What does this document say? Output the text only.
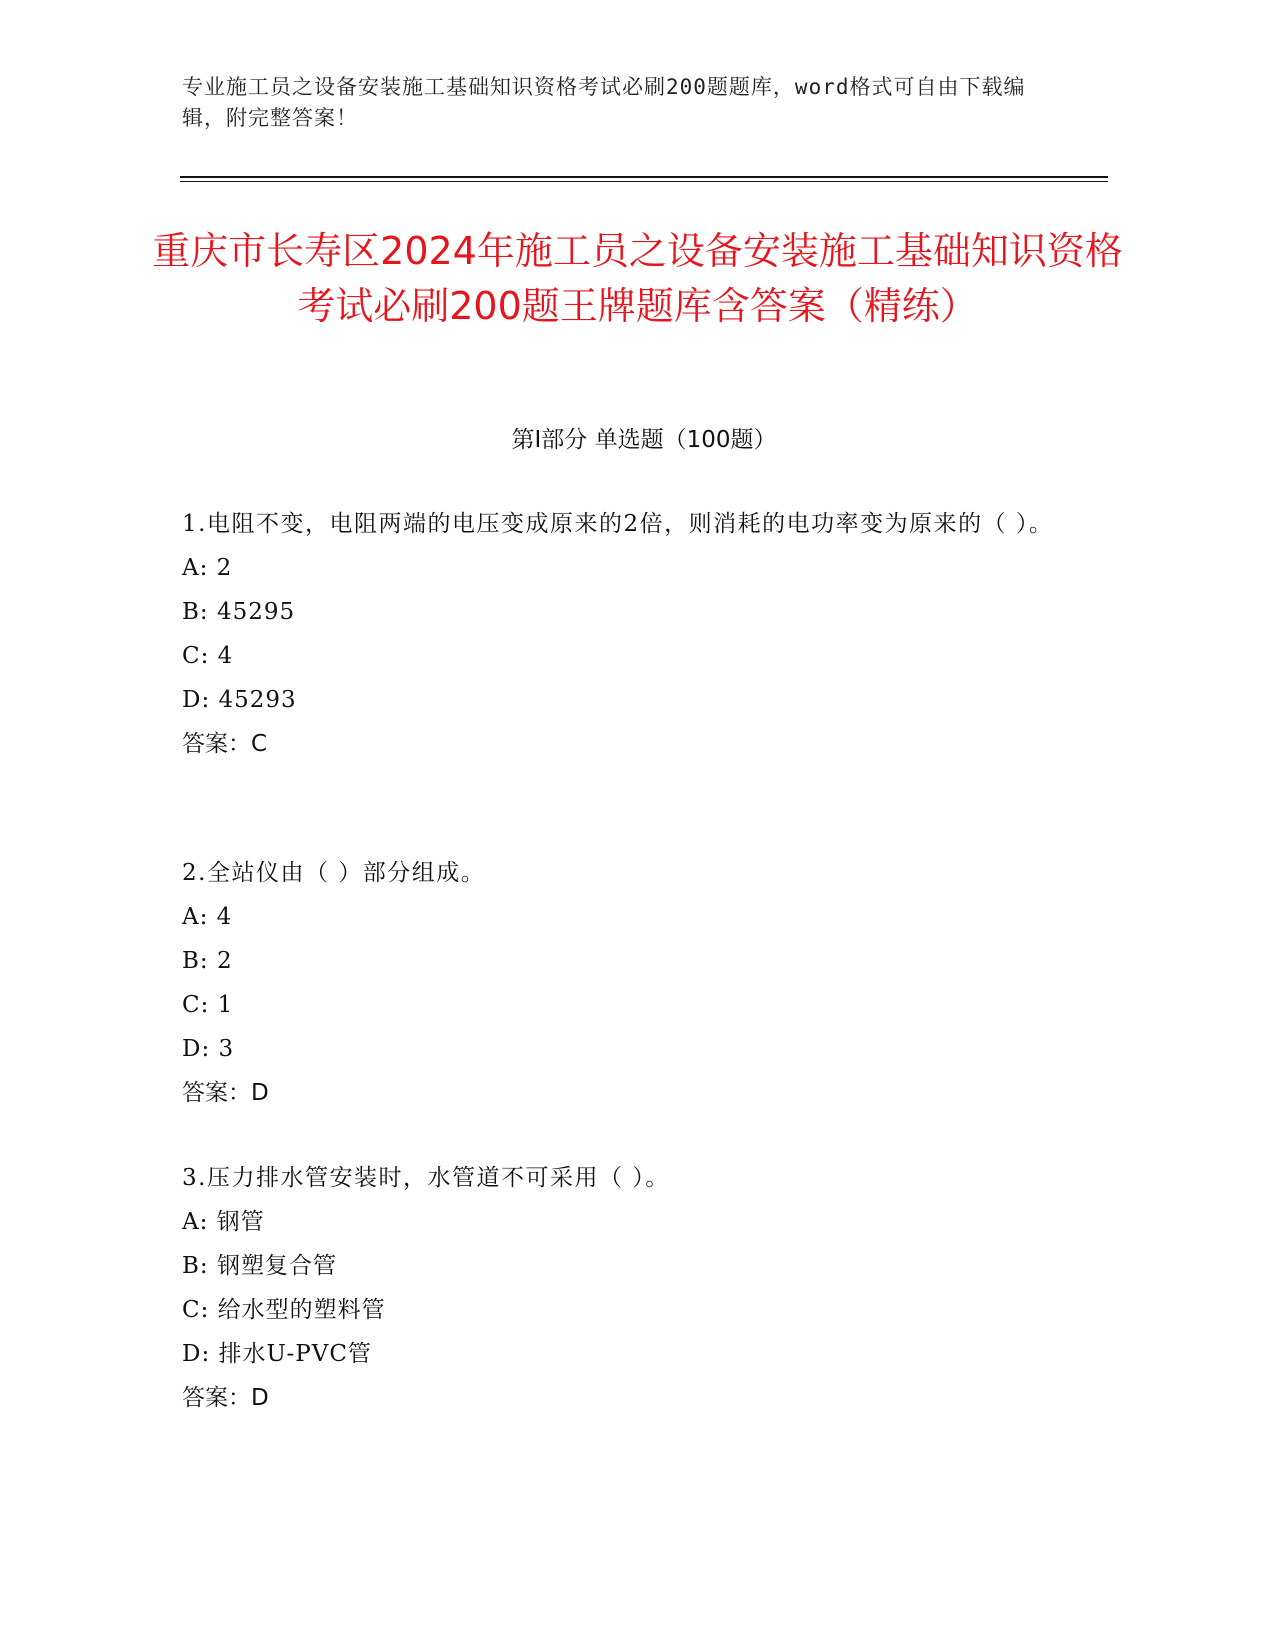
专业施工员之设备安装施工基础知识资格考试必刷200题题库，word格式可自由下载编辑，附完整答案！
重庆市长寿区2024年施工员之设备安装施工基础知识资格考试必刷200题王牌题库含答案（精练）
第Ⅰ部分 单选题（100题）

1.电阻不变，电阻两端的电压变成原来的2倍，则消耗的电功率变为原来的（ ）。

A: 2

B: 45295

C: 4

D: 45293

答案：C

2.全站仪由（ ）部分组成。

A: 4

B: 2

C: 1

D: 3

答案：D

3.压力排水管安装时，水管道不可采用（ ）。

A: 钢管

B: 钢塑复合管

C: 给水型的塑料管

D: 排水U-PVC管

答案：D
